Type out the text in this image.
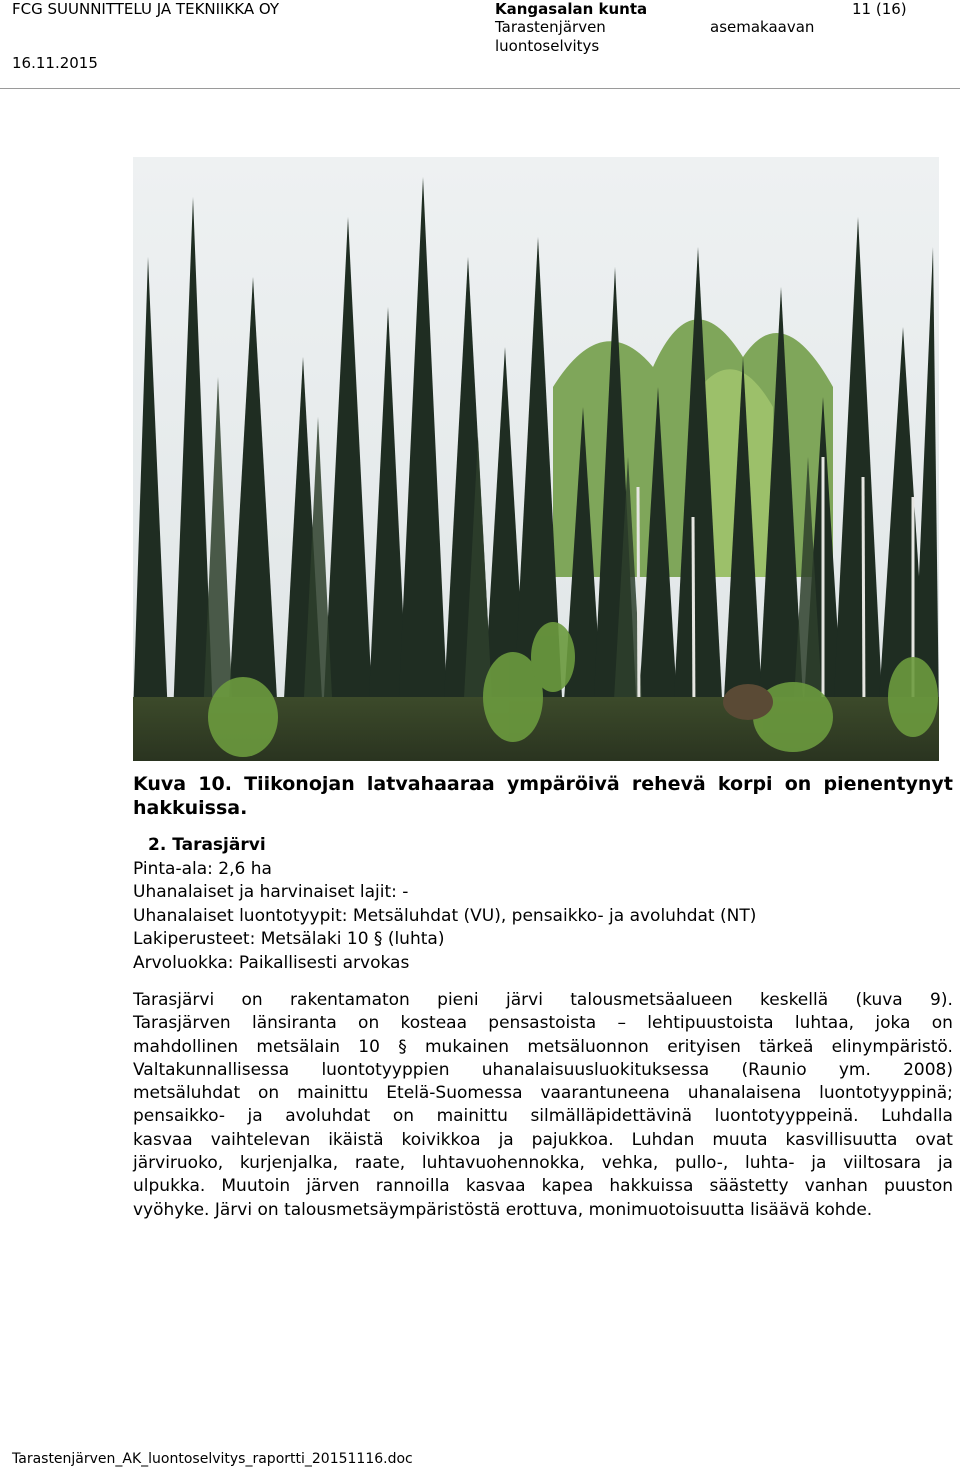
FCG SUUNNITTELU JA TEKNIIKKA OY
16.11.2015
Kangasalan kunta
Tarastenjärven
luontoselvitys
asemakaavan
11 (16)
Kuva 10. Tiikonojan latvahaaraa ympäröivä rehevä korpi on pienentynyt
hakkuissa.
2. Tarasjärvi
Pinta-ala: 2,6 ha
Uhanalaiset ja harvinaiset lajit: -
Uhanalaiset luontotyypit: Metsäluhdat (VU), pensaikko- ja avoluhdat (NT)
Lakiperusteet: Metsälaki 10 § (luhta)
Arvoluokka: Paikallisesti arvokas
Tarasjärvi on rakentamaton pieni järvi talousmetsäalueen keskellä (kuva 9).
Tarasjärven länsiranta on kosteaa pensastoista – lehtipuustoista luhtaa, joka on
mahdollinen metsälain 10 § mukainen metsäluonnon erityisen tärkeä elinympäristö.
Valtakunnallisessa luontotyyppien uhanalaisuusluokituksessa (Raunio ym. 2008)
metsäluhdat on mainittu Etelä-Suomessa vaarantuneena uhanalaisena luontotyyppinä;
pensaikko- ja avoluhdat on mainittu silmälläpidettävinä luontotyyppeinä. Luhdalla
kasvaa vaihtelevan ikäistä koivikkoa ja pajukkoa. Luhdan muuta kasvillisuutta ovat
järviruoko, kurjenjalka, raate, luhtavuohennokka, vehka, pullo-, luhta- ja viiltosara ja
ulpukka. Muutoin järven rannoilla kasvaa kapea hakkuissa säästetty vanhan puuston
vyöhyke. Järvi on talousmetsäympäristöstä erottuva, monimuotoisuutta lisäävä kohde.
Tarastenjärven_AK_luontoselvitys_raportti_20151116.doc
